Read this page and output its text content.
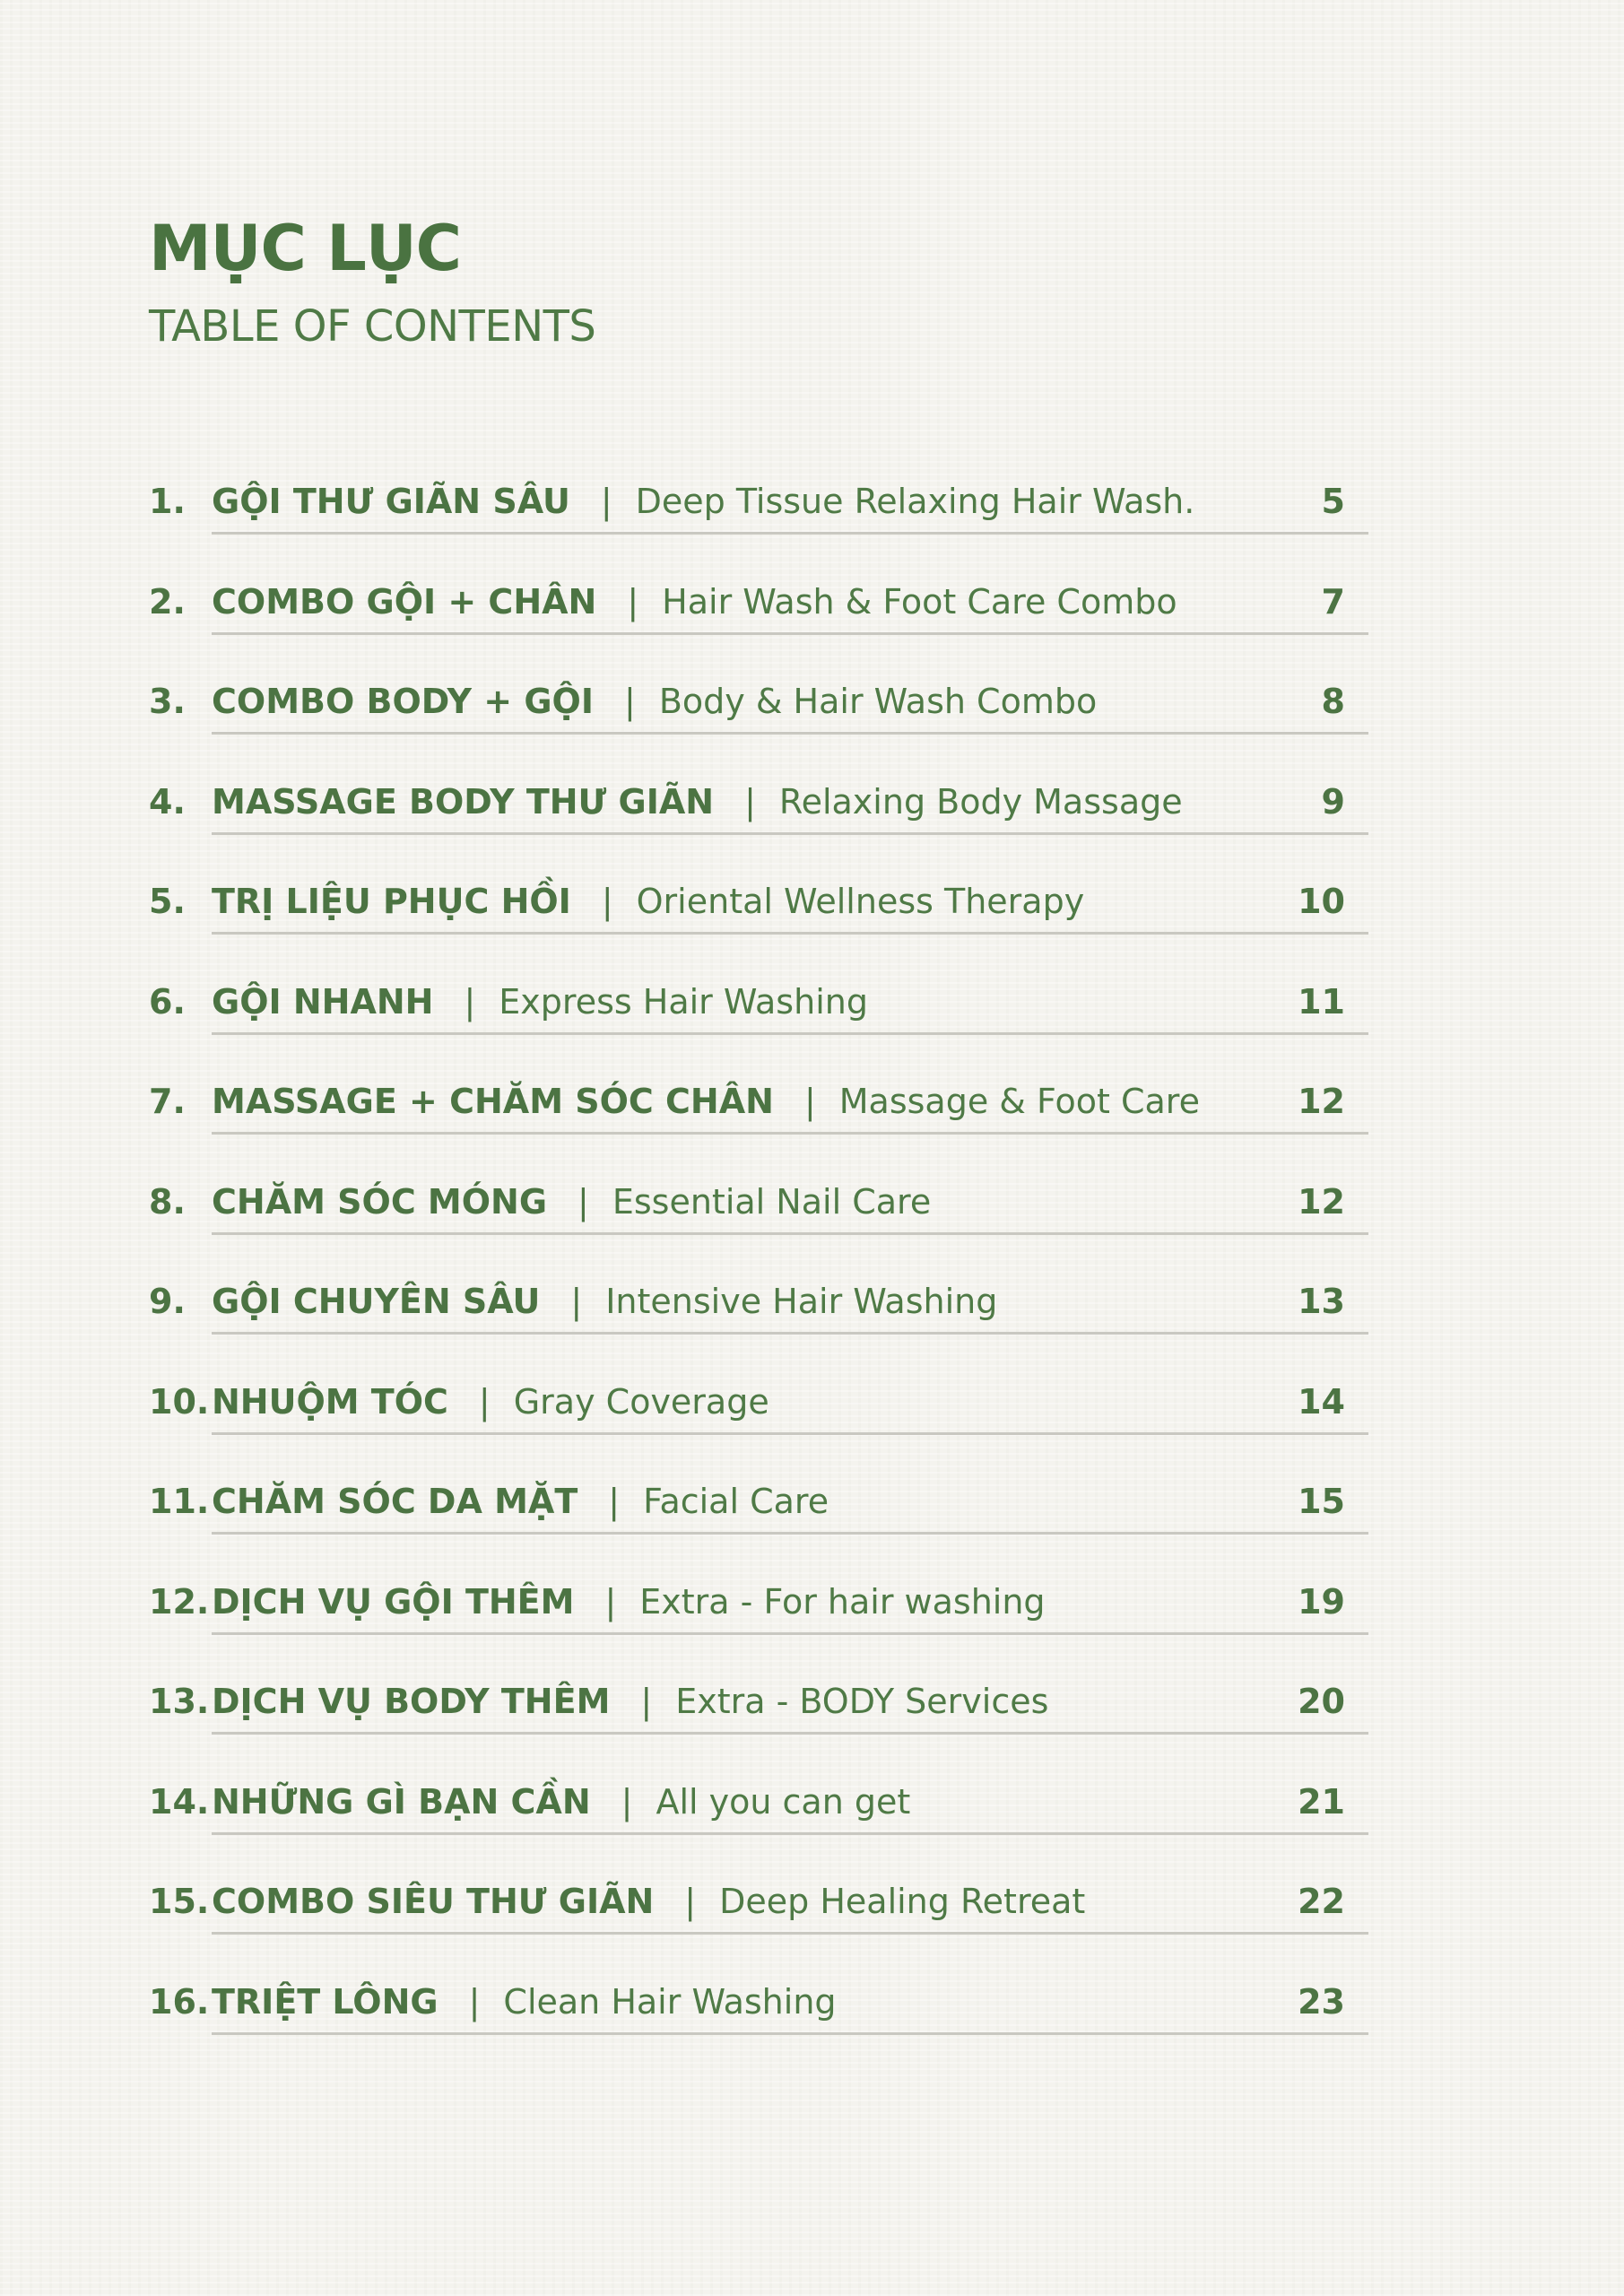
MỤC LỤC
TABLE OF CONTENTS
1. GỘI THƯ GIÃN SÂU | Deep Tissue Relaxing Hair Wash.	5
2. COMBO GỘI + CHÂN | Hair Wash & Foot Care Combo	7
3. COMBO BODY + GỘI | Body & Hair Wash Combo	8
4. MASSAGE BODY THƯ GIÃN | Relaxing Body Massage	9
5. TRỊ LIỆU PHỤC HỒI | Oriental Wellness Therapy	10
6. GỘI NHANH | Express Hair Washing	11
7. MASSAGE + CHĂM SÓC CHÂN | Massage & Foot Care	12
8. CHĂM SÓC MÓNG | Essential Nail Care	12
9. GỘI CHUYÊN SÂU | Intensive Hair Washing	13
10. NHUỘM TÓC | Gray Coverage	14
11. CHĂM SÓC DA MẶT | Facial Care	15
12. DỊCH VỤ GỘI THÊM | Extra - For hair washing	19
13. DỊCH VỤ BODY THÊM | Extra - BODY Services	20
14. NHỮNG GÌ BẠN CẦN | All you can get	21
15. COMBO SIÊU THƯ GIÃN | Deep Healing Retreat	22
16. TRIỆT LÔNG | Clean Hair Washing	23
